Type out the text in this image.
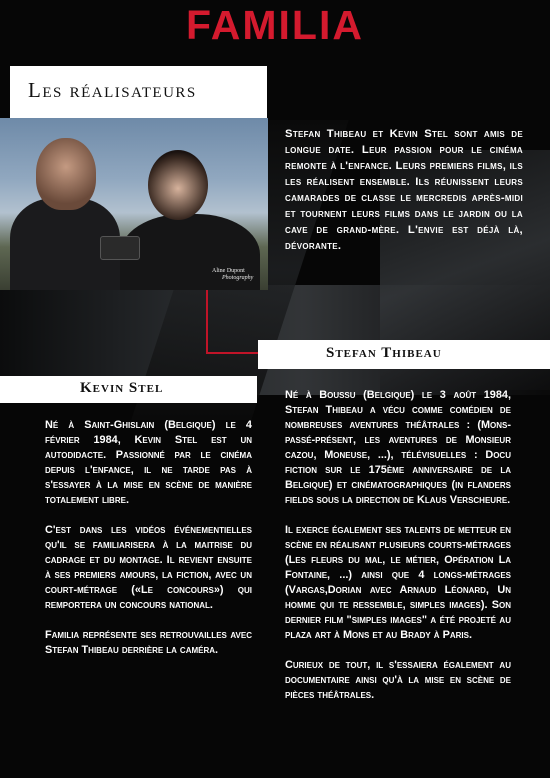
FAMILIA
Les réalisateurs
Aline Dupont
Photography
Stefan Thibeau et Kevin Stel sont amis de longue date. Leur passion pour le cinéma remonte à l'enfance. Leurs premiers films, ils les réalisent ensemble. Ils réunissent leurs camarades de classe le mercredis après-midi et tournent leurs films dans le jardin ou la cave de grand-mère. L'envie est déjà là, dévorante.
Stefan Thibeau
Kevin Stel

Né à Saint-Ghislain (Belgique) le 4 février 1984, Kevin Stel est un autodidacte. Passionné par le cinéma depuis l'enfance, il ne tarde pas à s'essayer à la mise en scène de manière totalement libre.

C'est dans les vidéos événementielles qu'il se familiarisera à la maitrise du cadrage et du montage. Il revient ensuite à ses premiers amours, la fiction, avec un court-métrage («Le concours») qui remportera un concours national.

Familia représente ses retrouvailles avec Stefan Thibeau derrière la caméra.

Né à Boussu (Belgique) le 3 août 1984, Stefan Thibeau a vécu comme comédien de nombreuses aventures théâtrales : (Mons-passé-présent, les aventures de Monsieur cazou, Moneuse, ...), télévisuelles : Docu fiction sur le 175ème anniversaire de la Belgique) et cinématographiques (in flanders fields sous la direction de Klaus Verscheure.

Il exerce également ses talents de metteur en scène en réalisant plusieurs courts-métrages (Les fleurs du mal, le métier, Opération La Fontaine, ...) ainsi que 4 longs-métrages (Vargas,Dorian avec Arnaud Léonard, Un homme qui te ressemble, simples images). Son dernier film "simples images" a été projeté au plaza art à Mons et au Brady à Paris.

Curieux de tout, il s'essaiera également au documentaire ainsi qu'à la mise en scène de pièces théâtrales.
